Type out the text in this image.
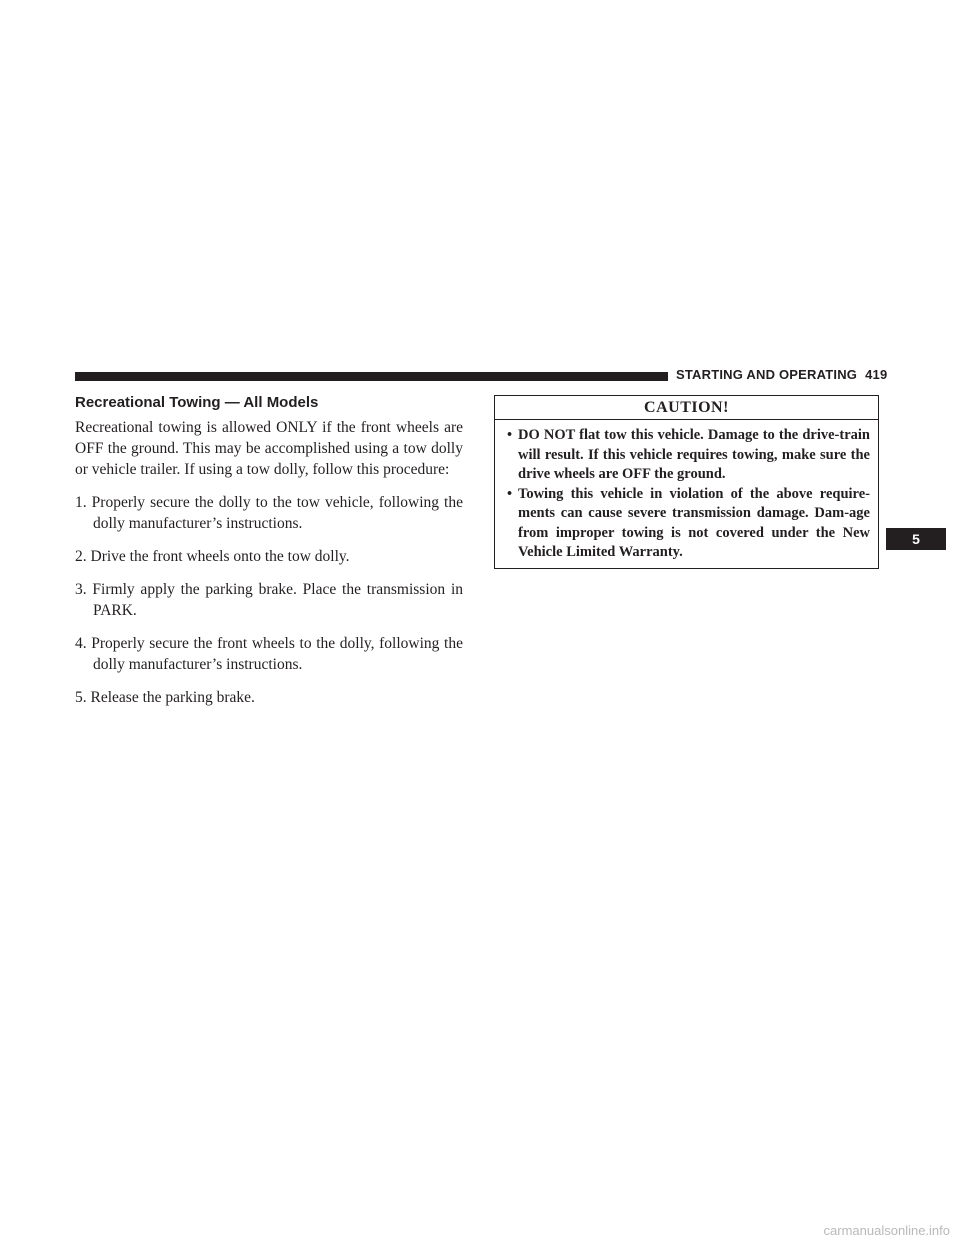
STARTING AND OPERATING 419
Recreational Towing — All Models

Recreational towing is allowed ONLY if the front wheels are OFF the ground. This may be accomplished using a tow dolly or vehicle trailer. If using a tow dolly, follow this procedure:

1. Properly secure the dolly to the tow vehicle, following the dolly manufacturer’s instructions.
2. Drive the front wheels onto the tow dolly.
3. Firmly apply the parking brake. Place the transmission in PARK.
4. Properly secure the front wheels to the dolly, following the dolly manufacturer’s instructions.
5. Release the parking brake.
CAUTION!
• DO NOT flat tow this vehicle. Damage to the drive-train will result. If this vehicle requires towing, make sure the drive wheels are OFF the ground.
• Towing this vehicle in violation of the above require-ments can cause severe transmission damage. Dam-age from improper towing is not covered under the New Vehicle Limited Warranty.
5
carmanualsonline.info
